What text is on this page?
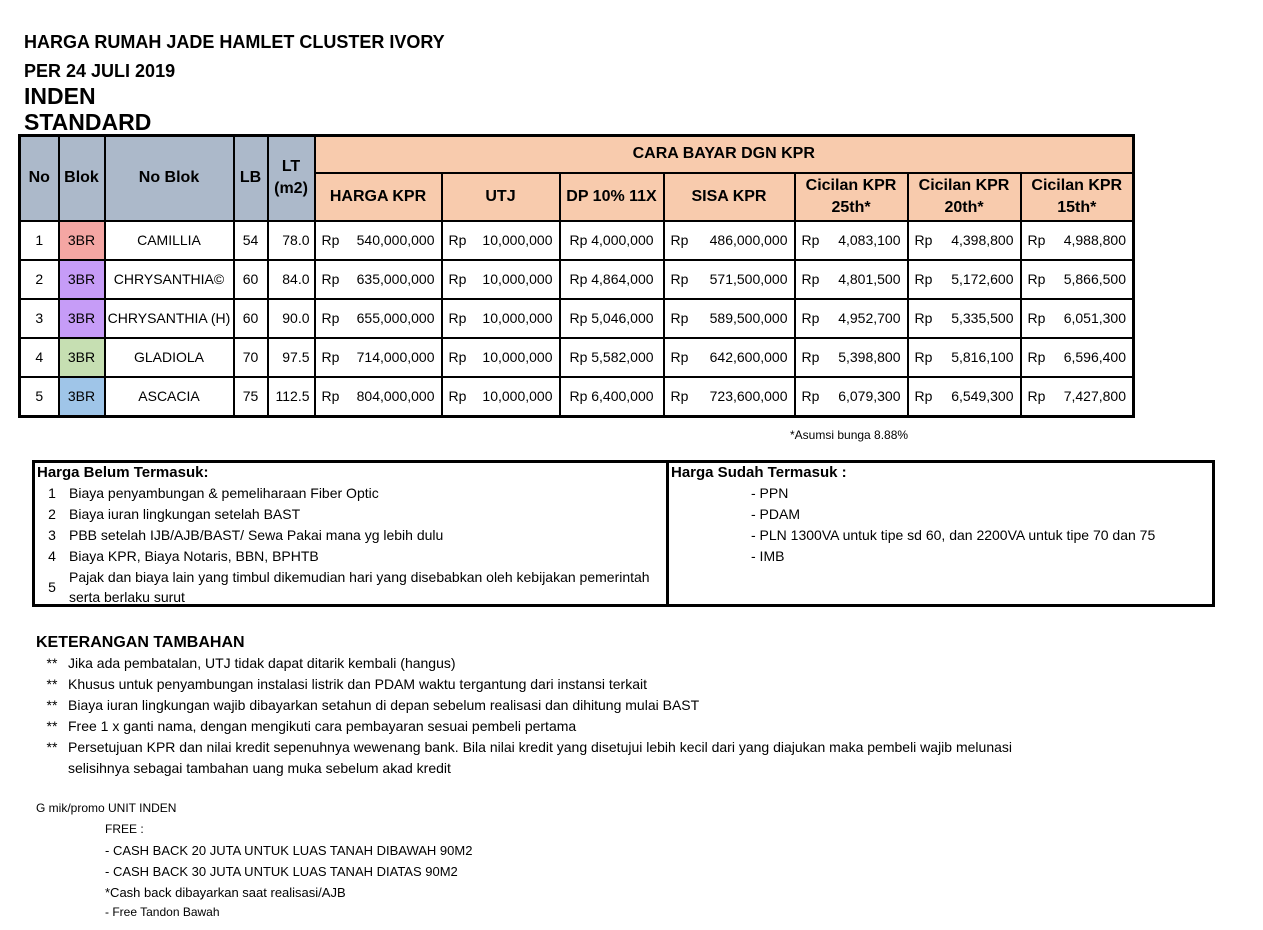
HARGA RUMAH JADE HAMLET CLUSTER IVORY
PER 24 JULI 2019
INDEN
STANDARD
No	Blok	No Blok	LB	LT (m2)	CARA BAYAR DGN KPR						
					HARGA KPR	UTJ	DP 10% 11X	SISA KPR	Cicilan KPR 25th*	Cicilan KPR 20th*	Cicilan KPR 15th*
1	3BR	CAMILLIA	54	78.0	Rp 540,000,000	Rp 10,000,000	Rp 4,000,000	Rp 486,000,000	Rp 4,083,100	Rp 4,398,800	Rp 4,988,800

2	3BR	CHRYSANTHIA©	60	84.0	Rp 635,000,000	Rp 10,000,000	Rp 4,864,000	Rp 571,500,000	Rp 4,801,500	Rp 5,172,600	Rp 5,866,500

3	3BR	CHRYSANTHIA (H)	60	90.0	Rp 655,000,000	Rp 10,000,000	Rp 5,046,000	Rp 589,500,000	Rp 4,952,700	Rp 5,335,500	Rp 6,051,300

4	3BR	GLADIOLA	70	97.5	Rp 714,000,000	Rp 10,000,000	Rp 5,582,000	Rp 642,600,000	Rp 5,398,800	Rp 5,816,100	Rp 6,596,400

5	3BR	ASCACIA	75	112.5	Rp 804,000,000	Rp 10,000,000	Rp 6,400,000	Rp 723,600,000	Rp 6,079,300	Rp 6,549,300	Rp 7,427,800
*Asumsi bunga 8.88%
Harga Belum Termasuk:
1 Biaya penyambungan & pemeliharaan Fiber Optic
2 Biaya iuran lingkungan setelah BAST
3 PBB setelah IJB/AJB/BAST/ Sewa Pakai mana yg lebih dulu
4 Biaya KPR, Biaya Notaris, BBN, BPHTB
5
Pajak dan biaya lain yang timbul dikemudian hari yang disebabkan oleh kebijakan pemerintah serta berlaku surut
Harga Sudah Termasuk :
- PPN
- PDAM
- PLN 1300VA untuk tipe sd 60, dan 2200VA untuk tipe 70 dan 75
- IMB
KETERANGAN TAMBAHAN
** Jika ada pembatalan, UTJ tidak dapat ditarik kembali (hangus)
** Khusus untuk penyambungan instalasi listrik dan PDAM waktu tergantung dari instansi terkait
** Biaya iuran lingkungan wajib dibayarkan setahun di depan sebelum realisasi dan dihitung mulai BAST
** Free 1 x ganti nama, dengan mengikuti cara pembayaran sesuai pembeli pertama
** Persetujuan KPR dan nilai kredit sepenuhnya wewenang bank. Bila nilai kredit yang disetujui lebih kecil dari yang diajukan maka pembeli wajib melunasi selisihnya sebagai tambahan uang muka sebelum akad kredit
G mik/promo UNIT INDEN
FREE :
- CASH BACK 20 JUTA UNTUK LUAS TANAH DIBAWAH 90M2
- CASH BACK 30 JUTA UNTUK LUAS TANAH DIATAS 90M2
*Cash back dibayarkan saat realisasi/AJB
- Free Tandon Bawah
